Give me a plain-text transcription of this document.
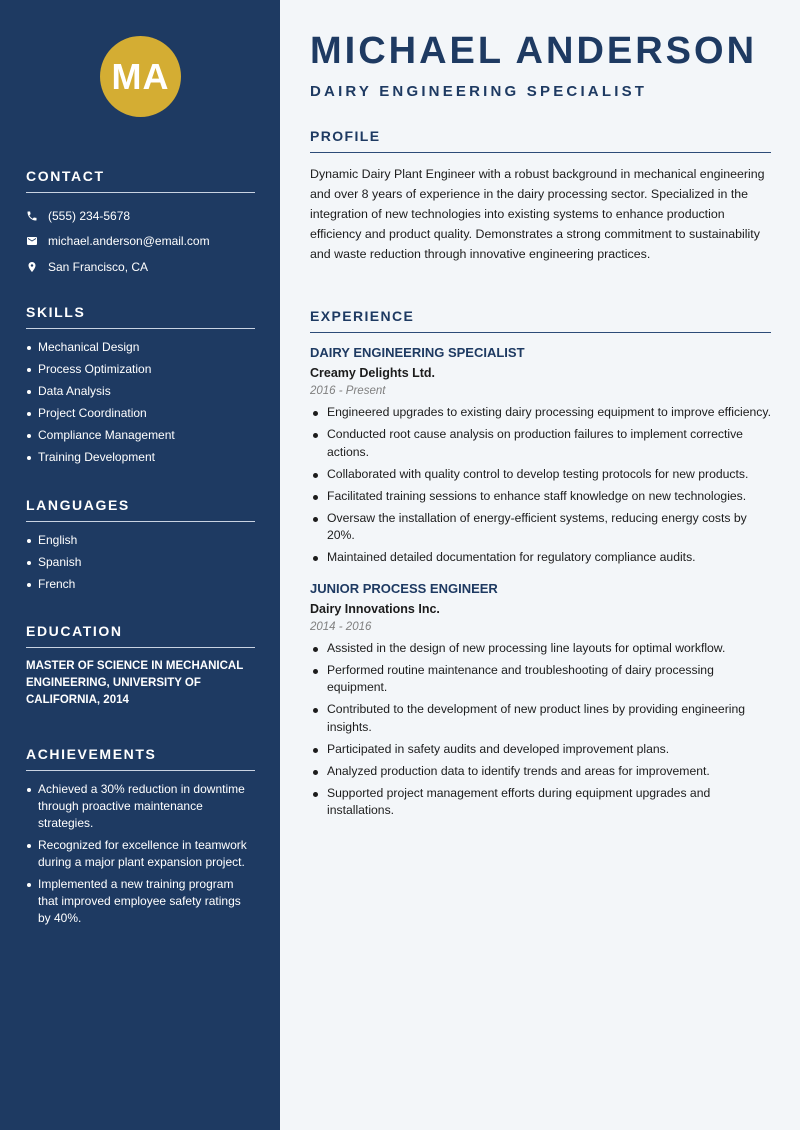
MA
CONTACT
(555) 234-5678
michael.anderson@email.com
San Francisco, CA
SKILLS
Mechanical Design
Process Optimization
Data Analysis
Project Coordination
Compliance Management
Training Development
LANGUAGES
English
Spanish
French
EDUCATION

MASTER OF SCIENCE IN MECHANICAL ENGINEERING, UNIVERSITY OF CALIFORNIA, 2014

ACHIEVEMENTS
Achieved a 30% reduction in downtime through proactive maintenance strategies.
Recognized for excellence in teamwork during a major plant expansion project.
Implemented a new training program that improved employee safety ratings by 40%.
MICHAEL ANDERSON
DAIRY ENGINEERING SPECIALIST
PROFILE

Dynamic Dairy Plant Engineer with a robust background in mechanical engineering and over 8 years of experience in the dairy processing sector. Specialized in the integration of new technologies into existing systems to enhance production efficiency and product quality. Demonstrates a strong commitment to sustainability and waste reduction through innovative engineering practices.

EXPERIENCE
DAIRY ENGINEERING SPECIALIST
Creamy Delights Ltd.
2016 - Present
Engineered upgrades to existing dairy processing equipment to improve efficiency.
Conducted root cause analysis on production failures to implement corrective actions.
Collaborated with quality control to develop testing protocols for new products.
Facilitated training sessions to enhance staff knowledge on new technologies.
Oversaw the installation of energy-efficient systems, reducing energy costs by 20%.
Maintained detailed documentation for regulatory compliance audits.
JUNIOR PROCESS ENGINEER
Dairy Innovations Inc.
2014 - 2016
Assisted in the design of new processing line layouts for optimal workflow.
Performed routine maintenance and troubleshooting of dairy processing equipment.
Contributed to the development of new product lines by providing engineering insights.
Participated in safety audits and developed improvement plans.
Analyzed production data to identify trends and areas for improvement.
Supported project management efforts during equipment upgrades and installations.
